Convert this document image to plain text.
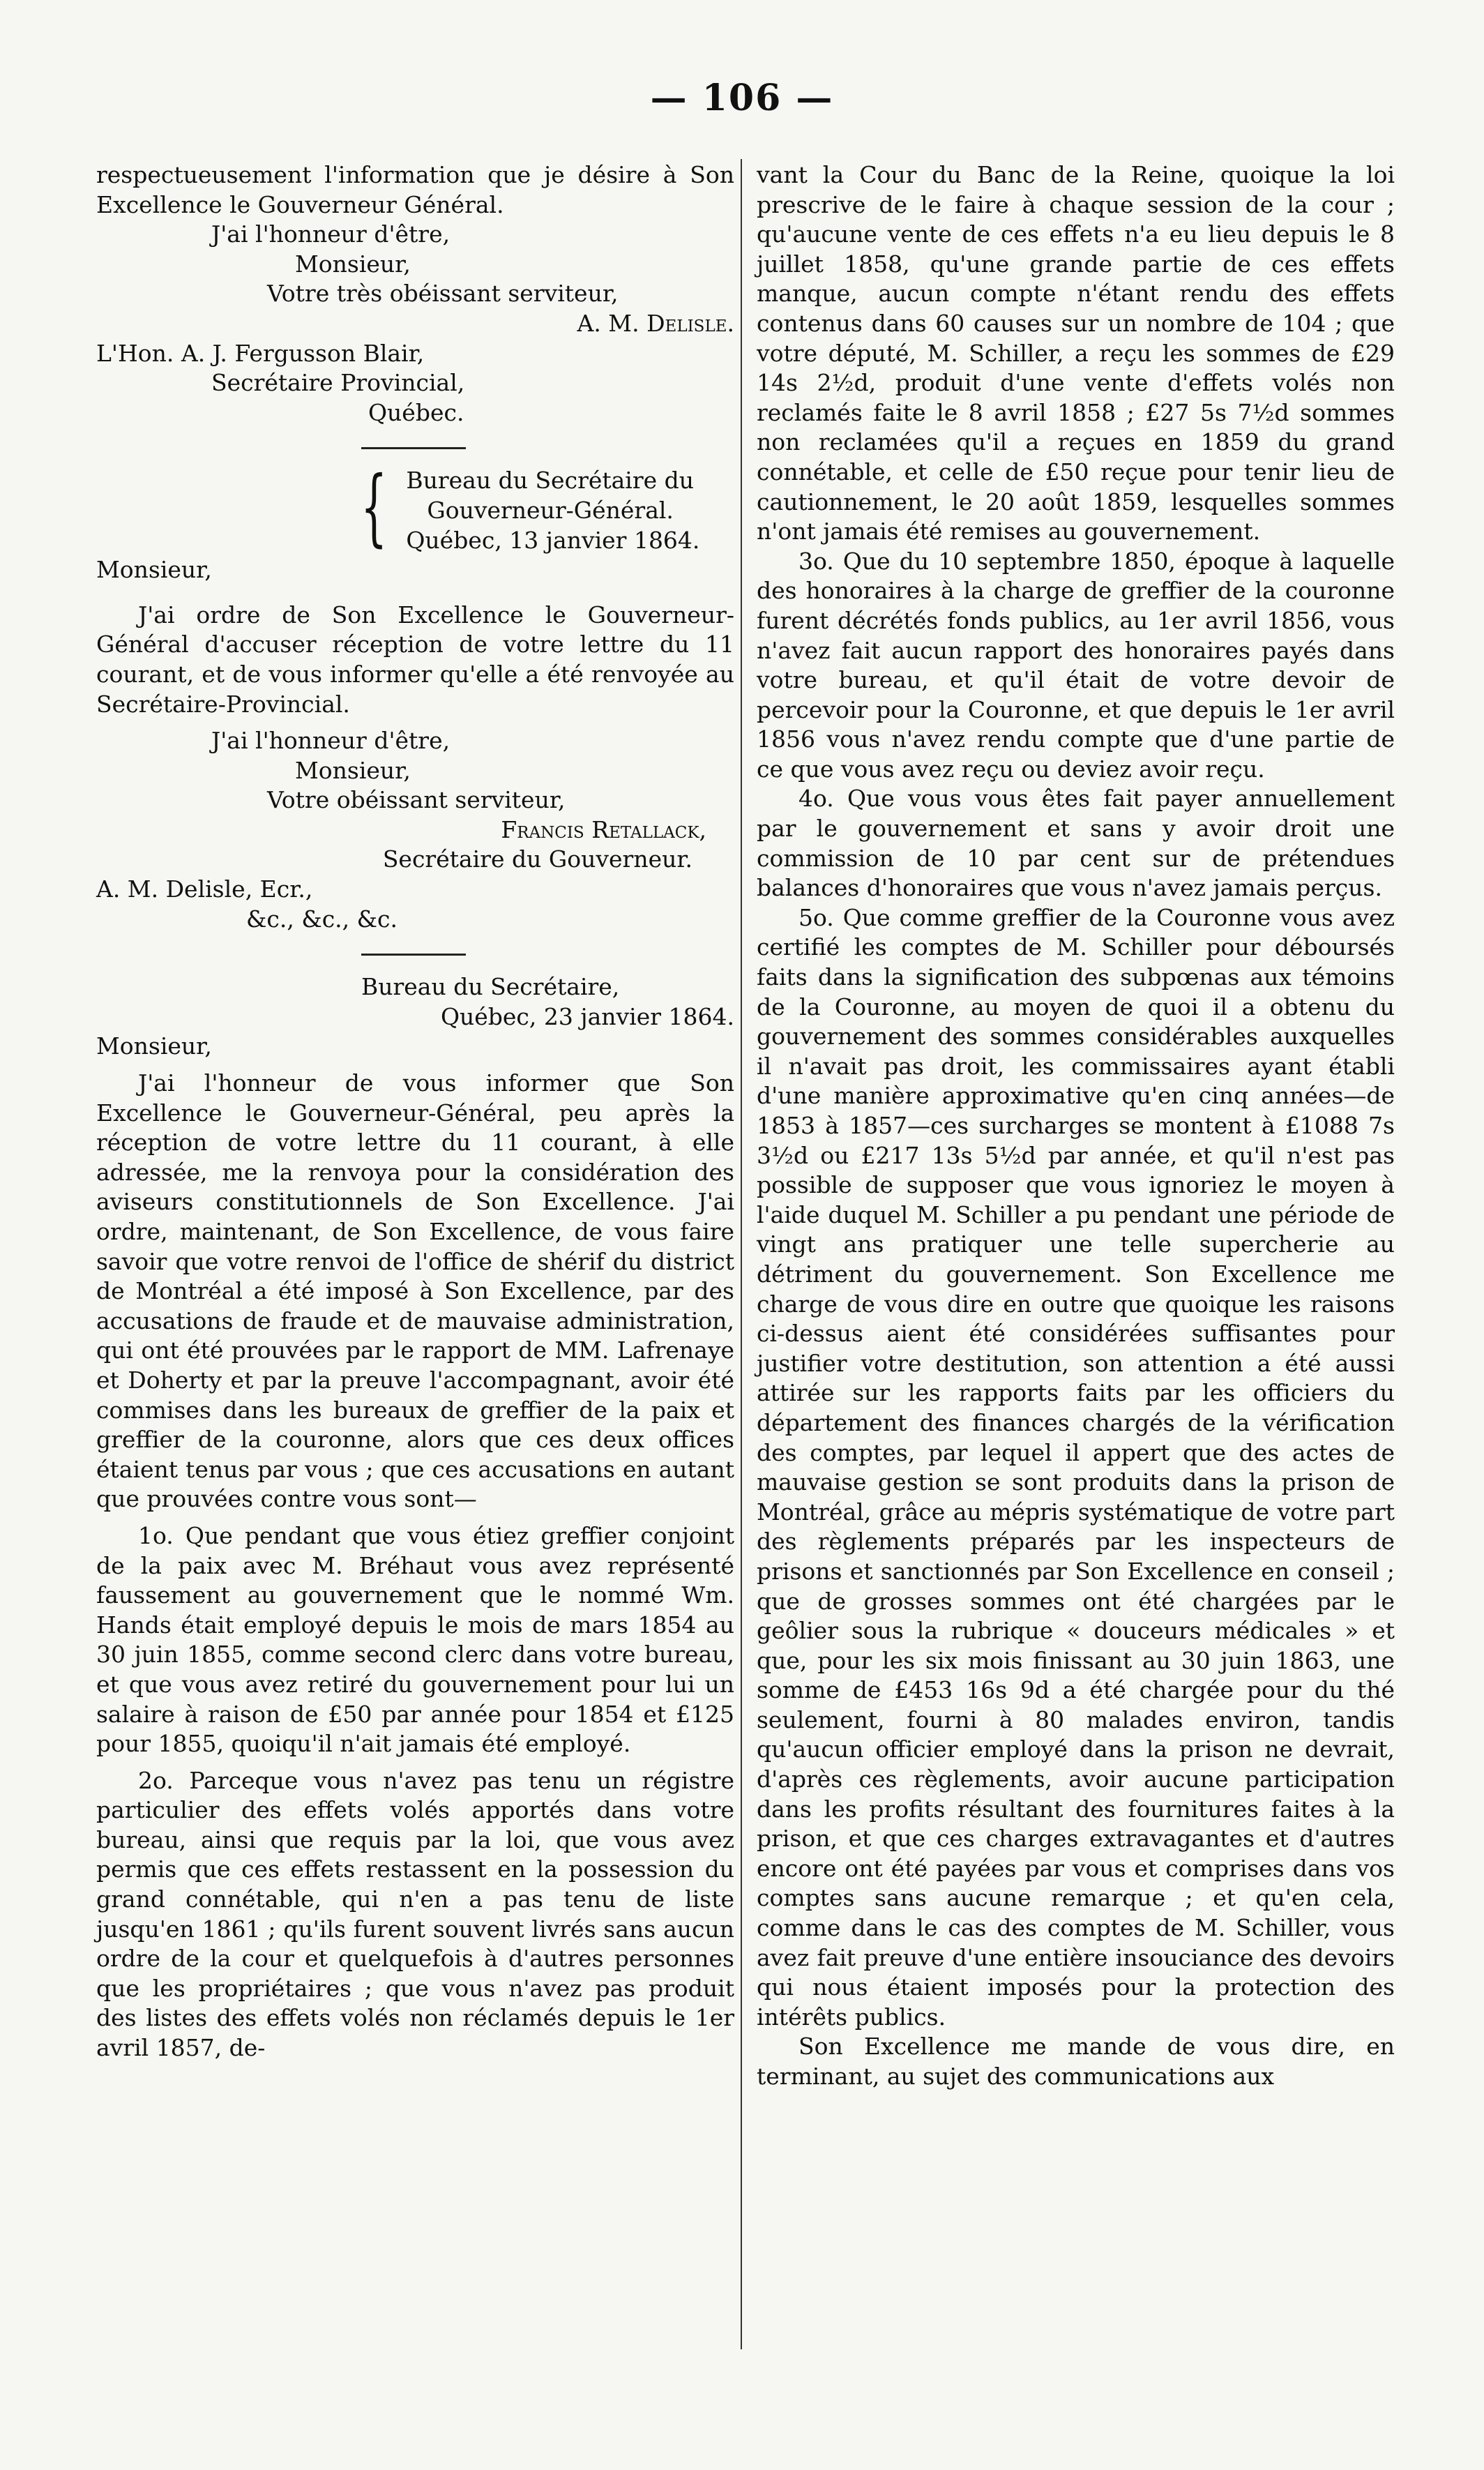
— 106 —

respectueusement l'information que je désire à Son Excellence le Gouverneur Général.

J'ai l'honneur d'être,

Monsieur,

Votre très obéissant serviteur,

A. M. Delisle.

L'Hon. A. J. Fergusson Blair,

Secrétaire Provincial,

Québec.

{ Bureau du Secrétaire du

Gouverneur-Général.

Québec, 13 janvier 1864.

Monsieur,

J'ai ordre de Son Excellence le Gouverneur-Général d'accuser réception de votre lettre du 11 courant, et de vous informer qu'elle a été renvoyée au Secrétaire-Provincial.

J'ai l'honneur d'être,

Monsieur,

Votre obéissant serviteur,

Francis Retallack,

Secrétaire du Gouverneur.

A. M. Delisle, Ecr.,

&c., &c., &c.

Bureau du Secrétaire,

Québec, 23 janvier 1864.

Monsieur,

J'ai l'honneur de vous informer que Son Excellence le Gouverneur-Général, peu après la réception de votre lettre du 11 courant, à elle adressée, me la renvoya pour la considération des aviseurs constitutionnels de Son Excellence. J'ai ordre, maintenant, de Son Excellence, de vous faire savoir que votre renvoi de l'office de shérif du district de Montréal a été imposé à Son Excellence, par des accusations de fraude et de mauvaise administration, qui ont été prouvées par le rapport de MM. Lafrenaye et Doherty et par la preuve l'accompagnant, avoir été commises dans les bureaux de greffier de la paix et greffier de la couronne, alors que ces deux offices étaient tenus par vous ; que ces accusations en autant que prouvées contre vous sont—

1o. Que pendant que vous étiez greffier conjoint de la paix avec M. Bréhaut vous avez représenté faussement au gouvernement que le nommé Wm. Hands était employé depuis le mois de mars 1854 au 30 juin 1855, comme second clerc dans votre bureau, et que vous avez retiré du gouvernement pour lui un salaire à raison de £50 par année pour 1854 et £125 pour 1855, quoiqu'il n'ait jamais été employé.

2o. Parceque vous n'avez pas tenu un régistre particulier des effets volés apportés dans votre bureau, ainsi que requis par la loi, que vous avez permis que ces effets restassent en la possession du grand connétable, qui n'en a pas tenu de liste jusqu'en 1861 ; qu'ils furent souvent livrés sans aucun ordre de la cour et quelquefois à d'autres personnes que les propriétaires ; que vous n'avez pas produit des listes des effets volés non réclamés depuis le 1er avril 1857, de-

vant la Cour du Banc de la Reine, quoique la loi prescrive de le faire à chaque session de la cour ; qu'aucune vente de ces effets n'a eu lieu depuis le 8 juillet 1858, qu'une grande partie de ces effets manque, aucun compte n'étant rendu des effets contenus dans 60 causes sur un nombre de 104 ; que votre député, M. Schiller, a reçu les sommes de £29 14s 2½d, produit d'une vente d'effets volés non reclamés faite le 8 avril 1858 ; £27 5s 7½d sommes non reclamées qu'il a reçues en 1859 du grand connétable, et celle de £50 reçue pour tenir lieu de cautionnement, le 20 août 1859, lesquelles sommes n'ont jamais été remises au gouvernement.

3o. Que du 10 septembre 1850, époque à laquelle des honoraires à la charge de greffier de la couronne furent décrétés fonds publics, au 1er avril 1856, vous n'avez fait aucun rapport des honoraires payés dans votre bureau, et qu'il était de votre devoir de percevoir pour la Couronne, et que depuis le 1er avril 1856 vous n'avez rendu compte que d'une partie de ce que vous avez reçu ou deviez avoir reçu.

4o. Que vous vous êtes fait payer annuellement par le gouvernement et sans y avoir droit une commission de 10 par cent sur de prétendues balances d'honoraires que vous n'avez jamais perçus.

5o. Que comme greffier de la Couronne vous avez certifié les comptes de M. Schiller pour déboursés faits dans la signification des subpœnas aux témoins de la Couronne, au moyen de quoi il a obtenu du gouvernement des sommes considérables auxquelles il n'avait pas droit, les commissaires ayant établi d'une manière approximative qu'en cinq années—de 1853 à 1857—ces surcharges se montent à £1088 7s 3½d ou £217 13s 5½d par année, et qu'il n'est pas possible de supposer que vous ignoriez le moyen à l'aide duquel M. Schiller a pu pendant une période de vingt ans pratiquer une telle supercherie au détriment du gouvernement. Son Excellence me charge de vous dire en outre que quoique les raisons ci-dessus aient été considérées suffisantes pour justifier votre destitution, son attention a été aussi attirée sur les rapports faits par les officiers du département des finances chargés de la vérification des comptes, par lequel il appert que des actes de mauvaise gestion se sont produits dans la prison de Montréal, grâce au mépris systématique de votre part des règlements préparés par les inspecteurs de prisons et sanctionnés par Son Excellence en conseil ; que de grosses sommes ont été chargées par le geôlier sous la rubrique « douceurs médicales » et que, pour les six mois finissant au 30 juin 1863, une somme de £453 16s 9d a été chargée pour du thé seulement, fourni à 80 malades environ, tandis qu'aucun officier employé dans la prison ne devrait, d'après ces règlements, avoir aucune participation dans les profits résultant des fournitures faites à la prison, et que ces charges extravagantes et d'autres encore ont été payées par vous et comprises dans vos comptes sans aucune remarque ; et qu'en cela, comme dans le cas des comptes de M. Schiller, vous avez fait preuve d'une entière insouciance des devoirs qui nous étaient imposés pour la protection des intérêts publics.

Son Excellence me mande de vous dire, en terminant, au sujet des communications aux
